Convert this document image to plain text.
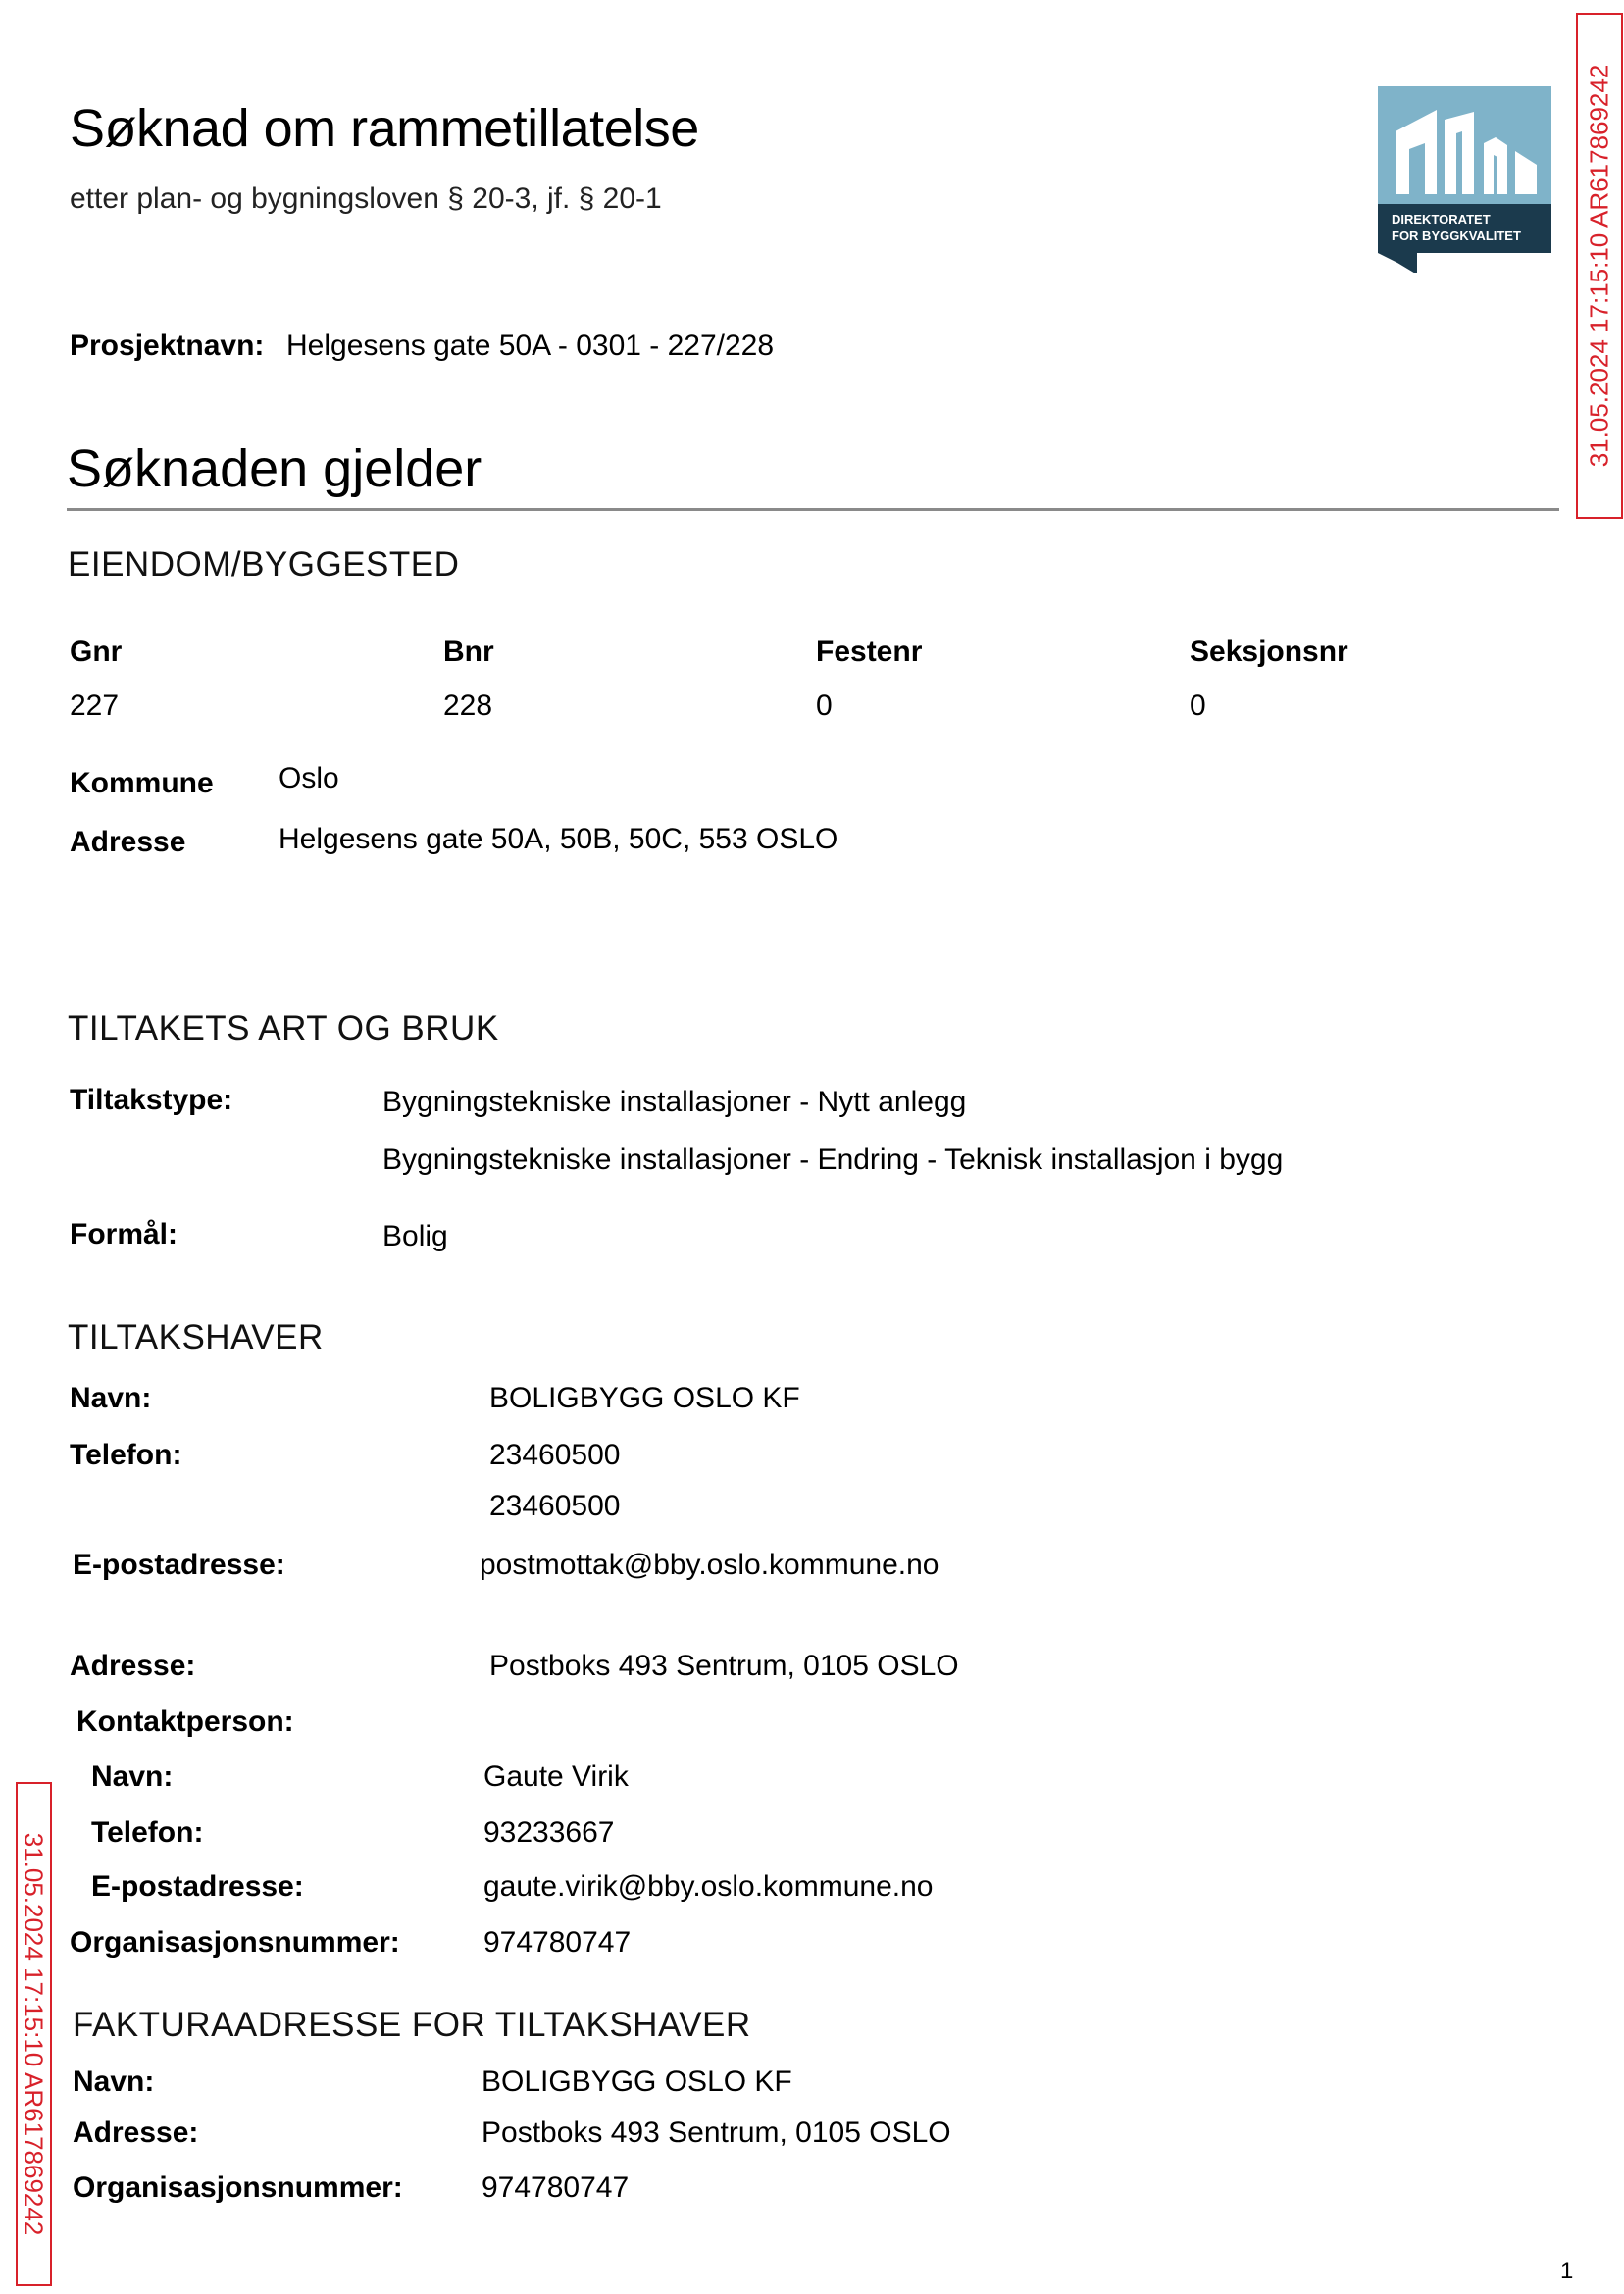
Søknad om rammetillatelse
etter plan- og bygningsloven § 20-3, jf. § 20-1
DIREKTORATET
FOR BYGGKVALITET 31.05.2024 17:15:10 AR617869242
31.05.2024 17:15:10 AR617869242
Prosjektnavn: Helgesens gate 50A - 0301 - 227/228
Søknaden gjelder
EIENDOM/BYGGESTED
Gnr	Bnr	Festenr	Seksjonsnr
227	228	0	0
Kommune Oslo
Adresse	Helgesens gate 50A, 50B, 50C, 553 OSLO
TILTAKETS ART OG BRUK
Tiltakstype:	Bygningstekniske installasjoner - Nytt anlegg
Bygningstekniske installasjoner - Endring - Teknisk installasjon i bygg
Formål:	Bolig
TILTAKSHAVER
Navn:	BOLIGBYGG OSLO KF
Telefon:	23460500
23460500
E-postadresse:	postmottak@bby.oslo.kommune.no
Adresse:	Postboks 493 Sentrum, 0105 OSLO
Kontaktperson:
Navn:	Gaute Virik
Telefon:	93233667
E-postadresse:	gaute.virik@bby.oslo.kommune.no
Organisasjonsnummer:	974780747
FAKTURAADRESSE FOR TILTAKSHAVER
Navn:	BOLIGBYGG OSLO KF
Adresse:	Postboks 493 Sentrum, 0105 OSLO
Organisasjonsnummer:	974780747
1
